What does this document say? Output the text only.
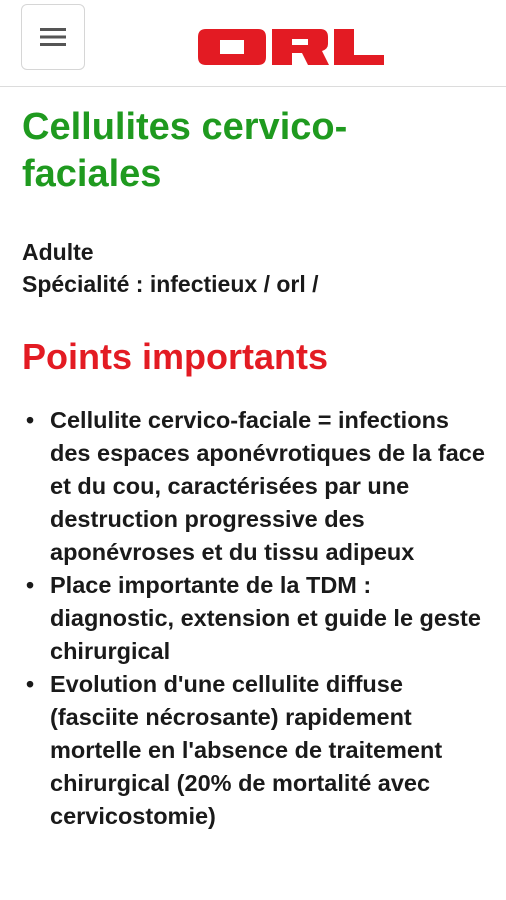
Cellulites cervico-faciales
Adulte
Spécialité : infectieux / orl /
Points importants
• Cellulite cervico-faciale = infections des espaces aponévrotiques de la face et du cou, caractérisées par une destruction progressive des aponévroses et du tissu adipeux
• Place importante de la TDM : diagnostic, extension et guide le geste chirurgical
• Evolution d'une cellulite diffuse (fasciite nécrosante) rapidement mortelle en l'absence de traitement chirurgical (20% de mortalité avec cervicostomie)
